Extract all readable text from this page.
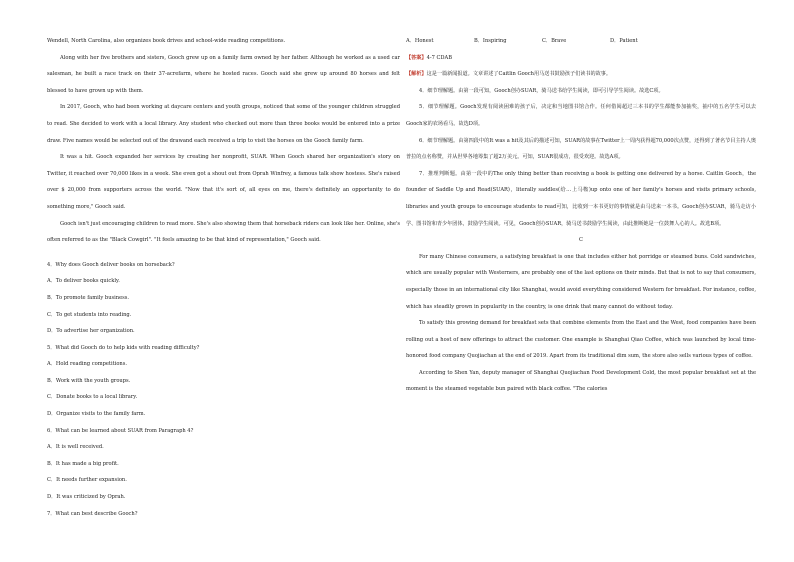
Wendell, North Carolina, also organizes book drives and school-wide reading competitions.

Along with her five brothers and sisters, Gooch grew up on a family farm owned by her father. Although he worked as a used car salesman, he built a race track on their 37-acrefarm, where he hosted races. Gooch said she grew up around 80 horses and felt blessed to have grown up with them.

In 2017, Gooch, who had been working at daycare centers and youth groups, noticed that some of the younger children struggled to read. She decided to work with a local library. Any student who checked out more than three books would be entered into a prize draw. Five names would be selected out of the drawand each received a trip to visit the horses on the Gooch family farm.

It was a hit. Gooch expanded her services by creating her nonprofit, SUAR. When Gooch shared her organization's story on Twitter, it reached over 70,000 likes in a week. She even got a shout out from Oprah Winfrey, a famous talk show hostess. She's raised over $ 20,000 from supporters across the world. "Now that it's sort of, all eyes on me, there's definitely an opportunity to do something more," Gooch said.

Gooch isn't just encouraging children to read more. She's also showing them that horseback riders can look like her. Online, she's often referred to as the "Black Cowgirl". "It feels amazing to be that kind of representation," Gooch said.

4．Why does Gooch deliver books on horseback?

A．To deliver books quickly.

B．To promote family business.

C．To get students into reading.

D．To advertise her organization.

5．What did Gooch do to help kids with reading difficulty?

A．Hold reading competitions.

B．Work with the youth groups.

C．Donate books to a local library.

D．Organize visits to the family farm.

6．What can be learned about SUAR from Paragraph 4?

A．It is well received.

B．It has made a big profit.

C．It needs further expansion.

D．It was criticized by Oprah.

7．What can best describe Gooch?

A．Honest	B．Inspiring	C．Brave	D．Patient

【答案】4-7 CDAB

【解析】这是一篇新闻报道。文章讲述了Caitlin Gooch用马送书鼓励孩子们读书的故事。

4．细节理解题。由第一段可知，Gooch创办SUAR，骑马送书给学生阅读，即可引导学生阅读。故选C项。

5．细节理解题。Gooch发现有阅读困难的孩子后，决定和当地图书馆合作。任何借阅超过三本书的学生都能参加抽奖，抽中的五名学生可以去Gooch家的农场看马。故选D项。

6．细节理解题。由第四段中的It was a hit及其后的描述可知，SUAR的故事在Twitter上一周内获得超70,000次点赞，还得到了著名节目主持人奥普拉的点名称赞，并从世界各地筹集了超2万美元。可知，SUAR很成功，很受欢迎。故选A项。

7．推理判断题。由第一段中的The only thing better than receiving a book is getting one delivered by a horse. Caitlin Gooch，the founder of Saddle Up and Read(SUAR)，literally saddles(给…上马鞍)up onto one of her family's horses and visits primary schools, libraries and youth groups to encourage students to read可知，比收到一本书更好的事情就是由马送来一本书。Gooch创办SUAR，骑马走访小学、图书馆和青少年团体，鼓励学生阅读。可见，Gooch创办SUAR，骑马送书鼓励学生阅读，由此推断她是一位鼓舞人心的人。故选B项。

C

For many Chinese consumers, a satisfying breakfast is one that includes either hot porridge or steamed buns. Cold sandwiches, which are usually popular with Westerners, are probably one of the last options on their minds. But that is not to say that consumers, especially those in an international city like Shanghai, would avoid everything considered Western for breakfast. For instance, coffee, which has steadily grown in popularity in the country, is one drink that many cannot do without today.

To satisfy this growing demand for breakfast sets that combine elements from the East and the West, food companies have been rolling out a host of new offerings to attract the customer. One example is Shanghai Qiao Coffee, which was launched by local time-honored food company Quojiachan at the end of 2019. Apart from its traditional dim sum, the store also sells various types of coffee.

According to Shen Yan, deputy manager of Shanghai Quojiachan Food Development Cold, the most popular breakfast set at the moment is the steamed vegetable bun paired with black coffee. "The calories
